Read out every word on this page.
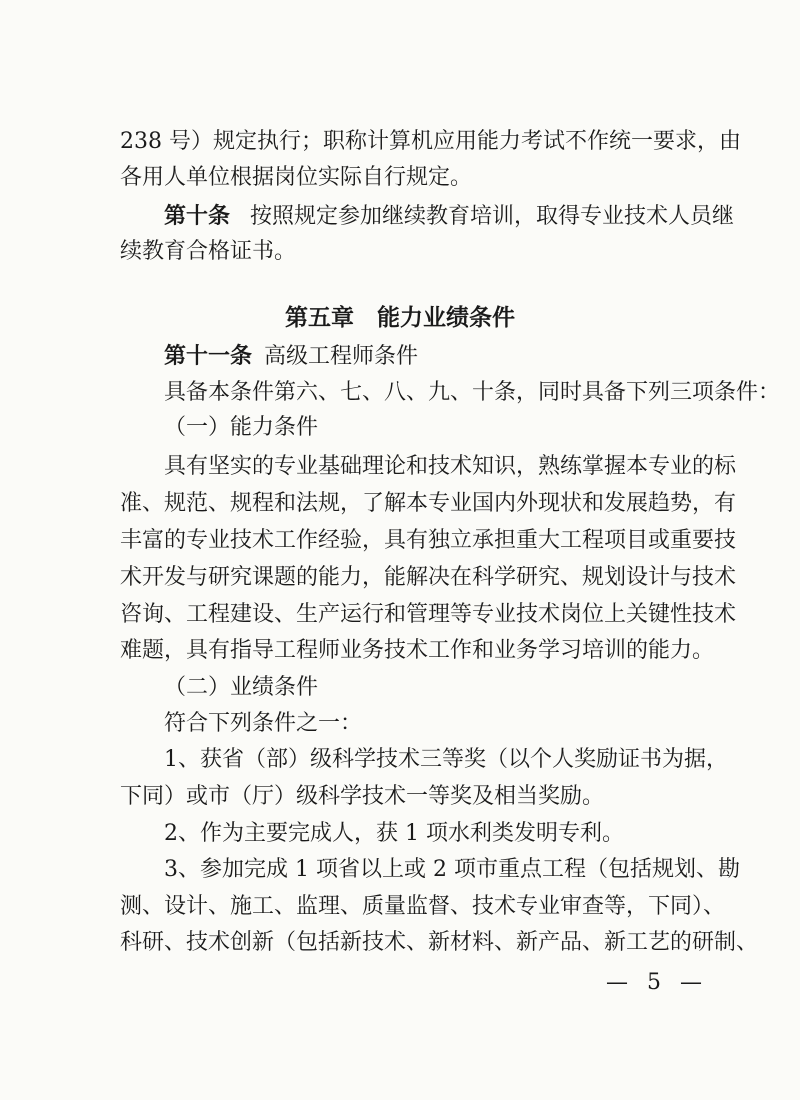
238 号）规定执行；职称计算机应用能力考试不作统一要求，由
各用人单位根据岗位实际自行规定。
第十条 按照规定参加继续教育培训，取得专业技术人员继
续教育合格证书。
第五章　能力业绩条件
第十一条 高级工程师条件
具备本条件第六、七、八、九、十条，同时具备下列三项条件：
（一）能力条件
具有坚实的专业基础理论和技术知识，熟练掌握本专业的标
准、规范、规程和法规，了解本专业国内外现状和发展趋势，有
丰富的专业技术工作经验，具有独立承担重大工程项目或重要技
术开发与研究课题的能力，能解决在科学研究、规划设计与技术
咨询、工程建设、生产运行和管理等专业技术岗位上关键性技术
难题，具有指导工程师业务技术工作和业务学习培训的能力。
（二）业绩条件
符合下列条件之一：
1、获省（部）级科学技术三等奖（以个人奖励证书为据，
下同）或市（厅）级科学技术一等奖及相当奖励。
2、作为主要完成人，获 1 项水利类发明专利。
3、参加完成 1 项省以上或 2 项市重点工程（包括规划、勘
测、设计、施工、监理、质量监督、技术专业审查等，下同）、
科研、技术创新（包括新技术、新材料、新产品、新工艺的研制、
— 5 —
